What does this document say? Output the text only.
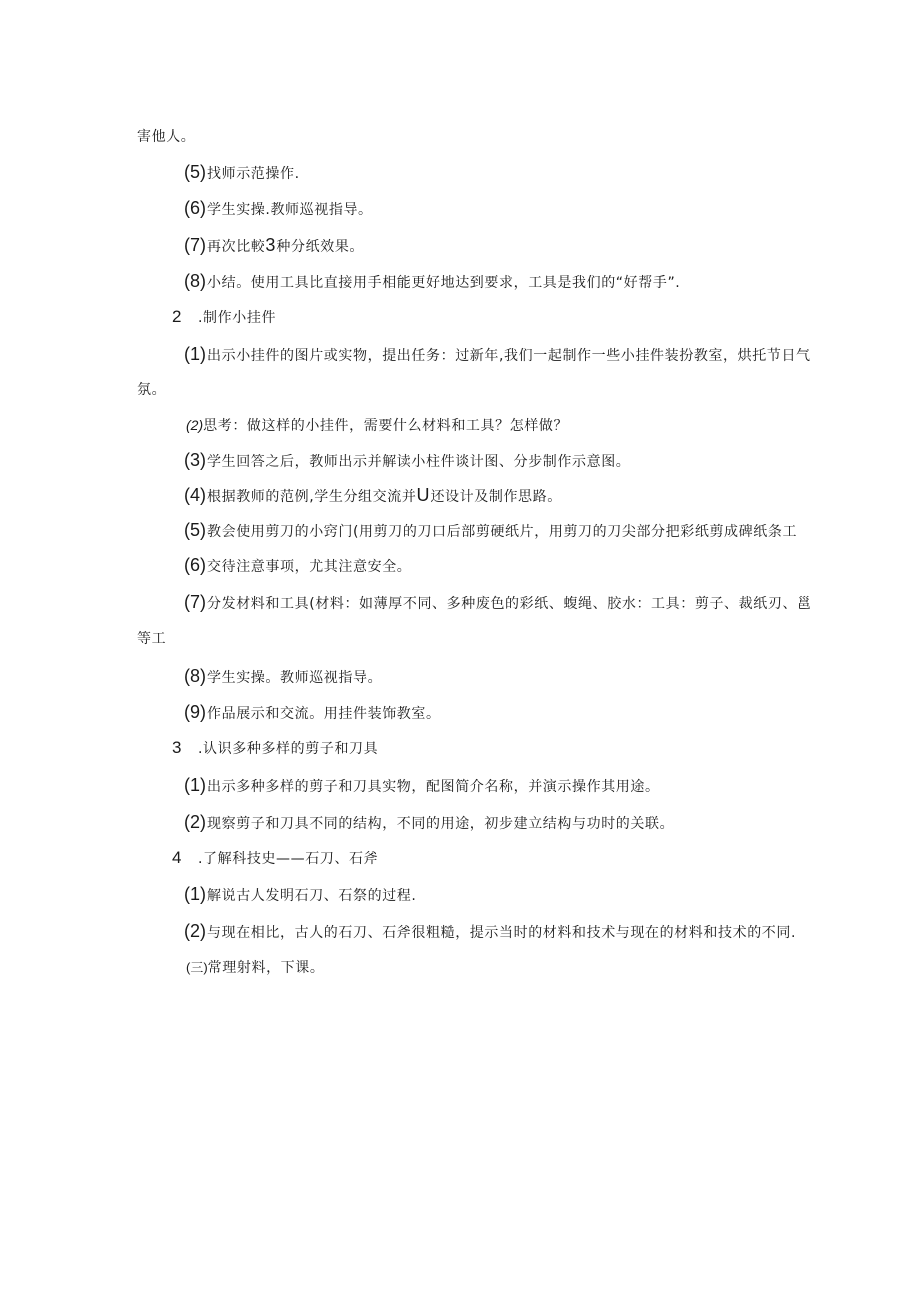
害他人。
(5)找师示范操作.
(6)学生实操.教师巡视指导。
(7)再次比較3种分纸效果。
(8)小结。使用工具比直接用手相能更好地达到要求，工具是我们的“好帮手”.
2 .制作小挂件
(1)出示小挂件的图片或实物，提出任务：过新年,我们一起制作一些小挂件装扮教室，烘托节日气
氛。
(2)思考：做这样的小挂件，需要什么材料和工具？怎样做？
(3)学生回答之后，教师出示并解读小柱件谈计图、分步制作示意图。
(4)根据教师的范例,学生分组交流并U还设计及制作思路。
(5)教会使用剪刀的小窍门(用剪刀的刀口后部剪硬纸片，用剪刀的刀尖部分把彩纸剪成碑纸条工
(6)交待注意事项，尤其注意安全。
(7)分发材料和工具(材料：如薄厚不同、多种废色的彩纸、蝮绳、胶水：工具：剪子、裁纸刃、邕
等工
(8)学生实操。教师巡视指导。
(9)作品展示和交流。用挂件装饰教室。
3 .认识多种多样的剪子和刀具
(1)出示多种多样的剪子和刀具实物，配图简介名称，并演示操作其用途。
(2)现察剪子和刀具不同的结构，不同的用途，初步建立结构与功时的关联。
4 .了解科技史——石刀、石斧
(1)解说古人发明石刀、石祭的过程.
(2)与现在相比，古人的石刀、石斧很粗糙，提示当时的材料和技术与现在的材料和技术的不同.
(三)常理射料，下课。
